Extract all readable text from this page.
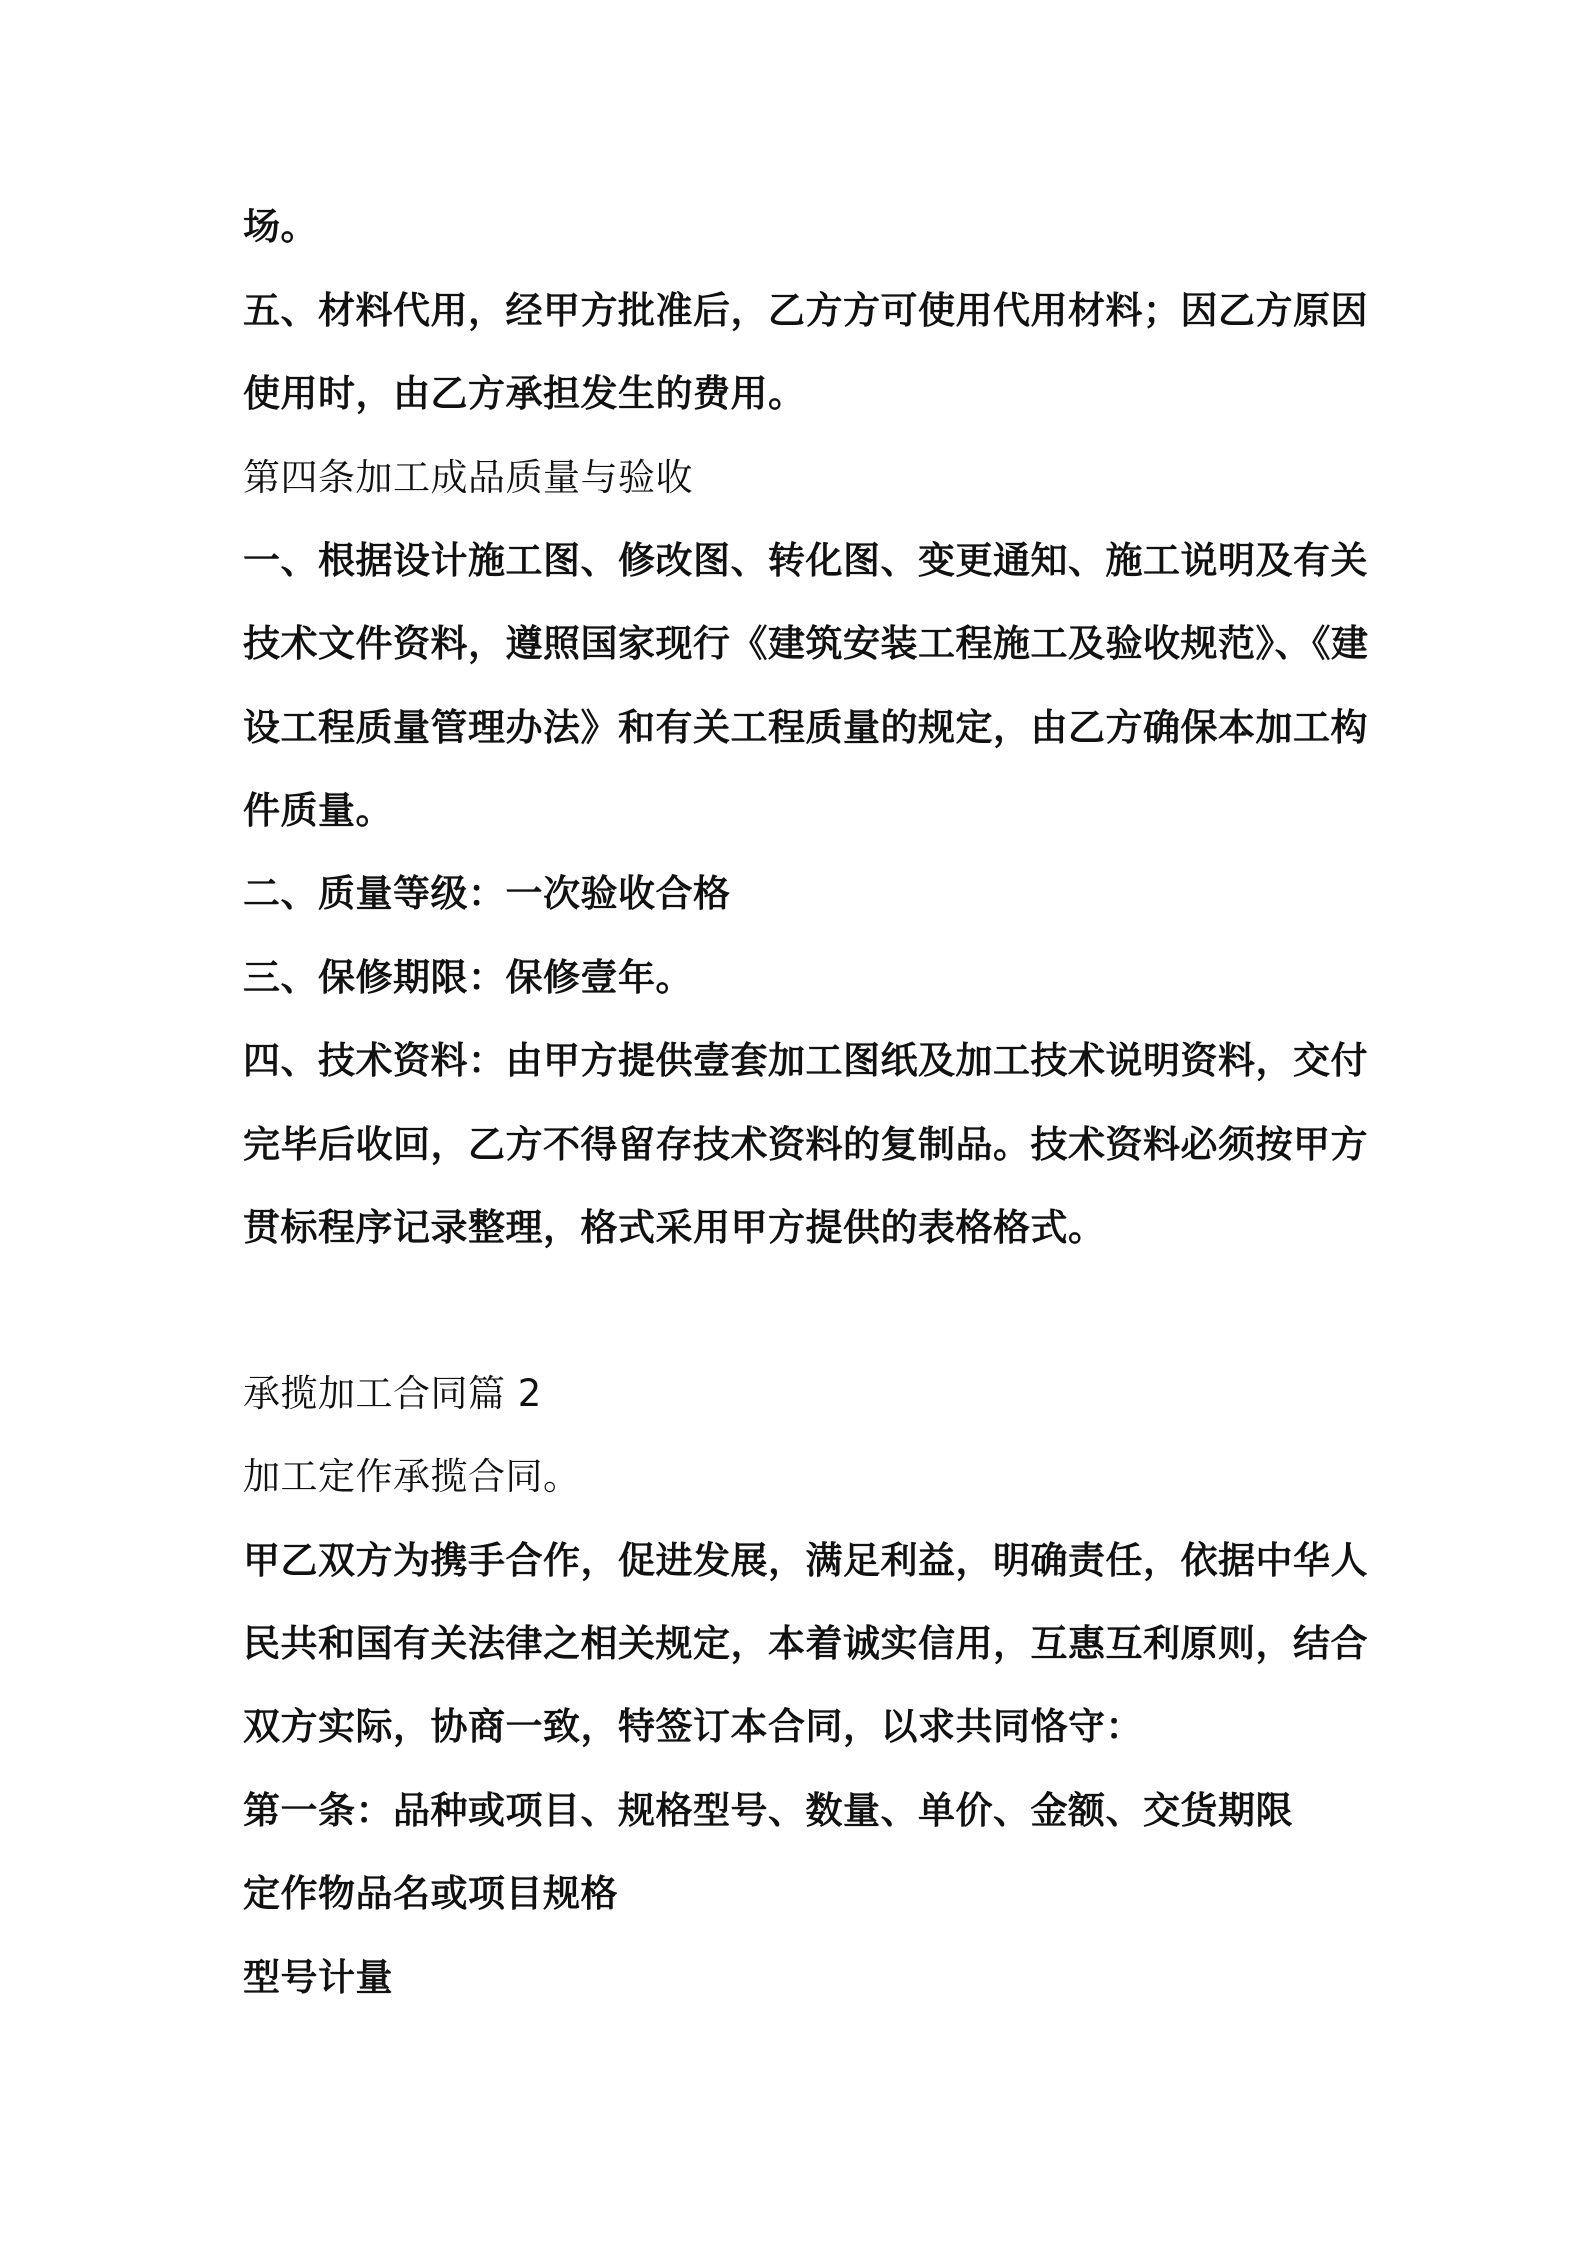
场。
五、材料代用，经甲方批准后，乙方方可使用代用材料；因乙方原因
使用时，由乙方承担发生的费用。
第四条加工成品质量与验收
一、根据设计施工图、修改图、转化图、变更通知、施工说明及有关
技术文件资料，遵照国家现行《建筑安装工程施工及验收规范》、《建
设工程质量管理办法》和有关工程质量的规定，由乙方确保本加工构
件质量。
二、质量等级：一次验收合格
三、保修期限：保修壹年。
四、技术资料：由甲方提供壹套加工图纸及加工技术说明资料，交付
完毕后收回，乙方不得留存技术资料的复制品。技术资料必须按甲方
贯标程序记录整理，格式采用甲方提供的表格格式。
承揽加工合同篇 2
加工定作承揽合同。
甲乙双方为携手合作，促进发展，满足利益，明确责任，依据中华人
民共和国有关法律之相关规定，本着诚实信用，互惠互利原则，结合
双方实际，协商一致，特签订本合同，以求共同恪守：
第一条：品种或项目、规格型号、数量、单价、金额、交货期限
定作物品名或项目规格
型号计量
